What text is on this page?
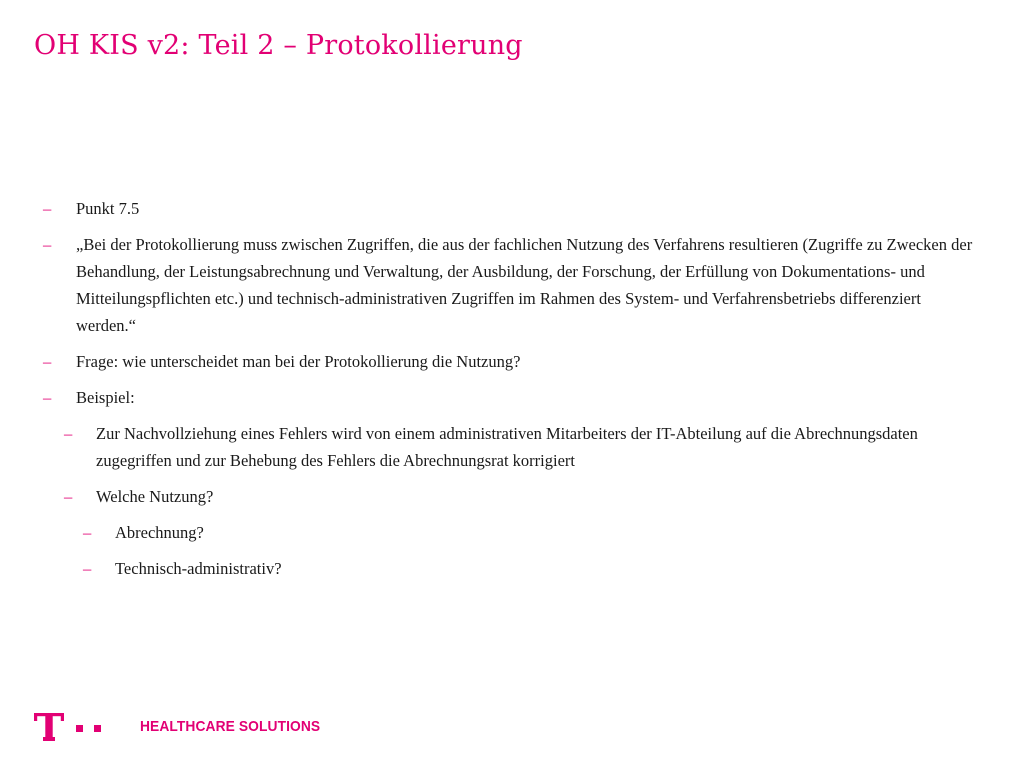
OH KIS v2: Teil 2 – Protokollierung
– Punkt 7.5
– „Bei der Protokollierung muss zwischen Zugriffen, die aus der fachlichen Nutzung des Verfahrens resultieren (Zugriffe zu Zwecken der Behandlung, der Leistungsabrechnung und Verwaltung, der Ausbildung, der Forschung, der Erfüllung von Dokumentations- und Mitteilungspflichten etc.) und technisch-administrativen Zugriffen im Rahmen des System- und Verfahrensbetriebs differenziert werden.“
– Frage: wie unterscheidet man bei der Protokollierung die Nutzung?
– Beispiel:
– Zur Nachvollziehung eines Fehlers wird von einem administrativen Mitarbeiters der IT-Abteilung auf die Abrechnungsdaten zugegriffen und zur Behebung des Fehlers die Abrechnungsrat korrigiert
– Welche Nutzung?
– Abrechnung?
– Technisch-administrativ?
HEALTHCARE SOLUTIONS
